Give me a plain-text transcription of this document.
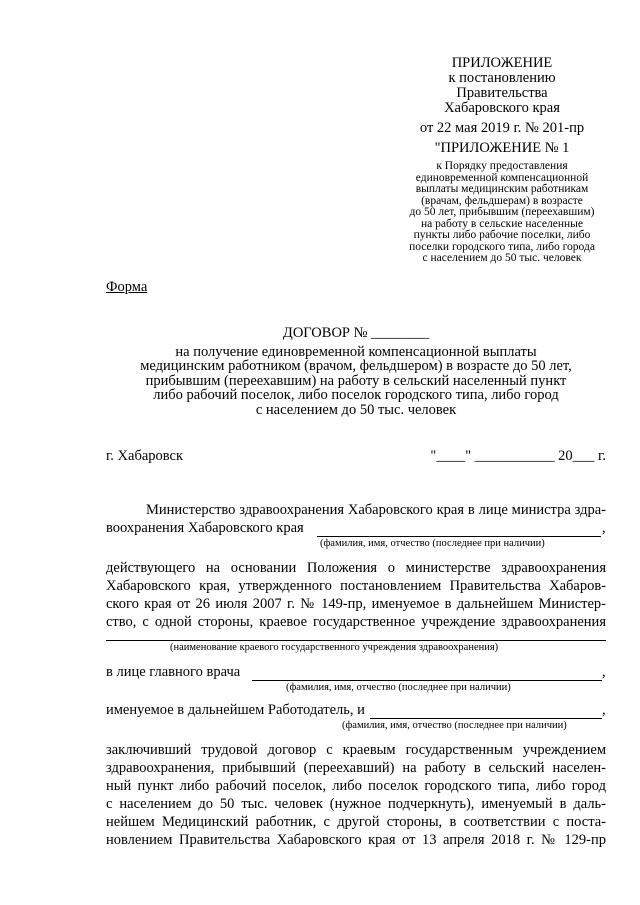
ПРИЛОЖЕНИЕ
к постановлению
Правительства
Хабаровского края
от 22 мая 2019 г. № 201-пр
"ПРИЛОЖЕНИЕ № 1
к Порядку предоставления
единовременной компенсационной
выплаты медицинским работникам
(врачам, фельдшерам) в возрасте
до 50 лет, прибывшим (переехавшим)
на работу в сельские населенные
пункты либо рабочие поселки, либо
поселки городского типа, либо города
с населением до 50 тыс. человек
Форма
ДОГОВОР № ________
на получение единовременной компенсационной выплаты
медицинским работником (врачом, фельдшером) в возрасте до 50 лет,
прибывшим (переехавшим) на работу в сельский населенный пункт
либо рабочий поселок, либо поселок городского типа, либо город
с населением до 50 тыс. человек
г. Хабаровск	"____" ___________ 20___ г.
Министерство здравоохранения Хабаровского края в лице министра здра-
воохранения Хабаровского края	,
(фамилия, имя, отчество (последнее при наличии)
действующего на основании Положения о министерстве здравоохранения
Хабаровского края, утвержденного постановлением Правительства Хабаров-
ского края от 26 июля 2007 г. № 149-пр, именуемое в дальнейшем Министер-
ство, с одной стороны, краевое государственное учреждение здравоохранения
(наименование краевого государственного учреждения здравоохранения)
в лице главного врача	,
(фамилия, имя, отчество (последнее при наличии)
именуемое в дальнейшем Работодатель, и	,
(фамилия, имя, отчество (последнее при наличии)
заключивший трудовой договор с краевым государственным учреждением
здравоохранения, прибывший (переехавший) на работу в сельский населен-
ный пункт либо рабочий поселок, либо поселок городского типа, либо город
с населением до 50 тыс. человек (нужное подчеркнуть), именуемый в даль-
нейшем Медицинский работник, с другой стороны, в соответствии с поста-
новлением Правительства Хабаровского края от 13 апреля 2018 г. № 129-пр
